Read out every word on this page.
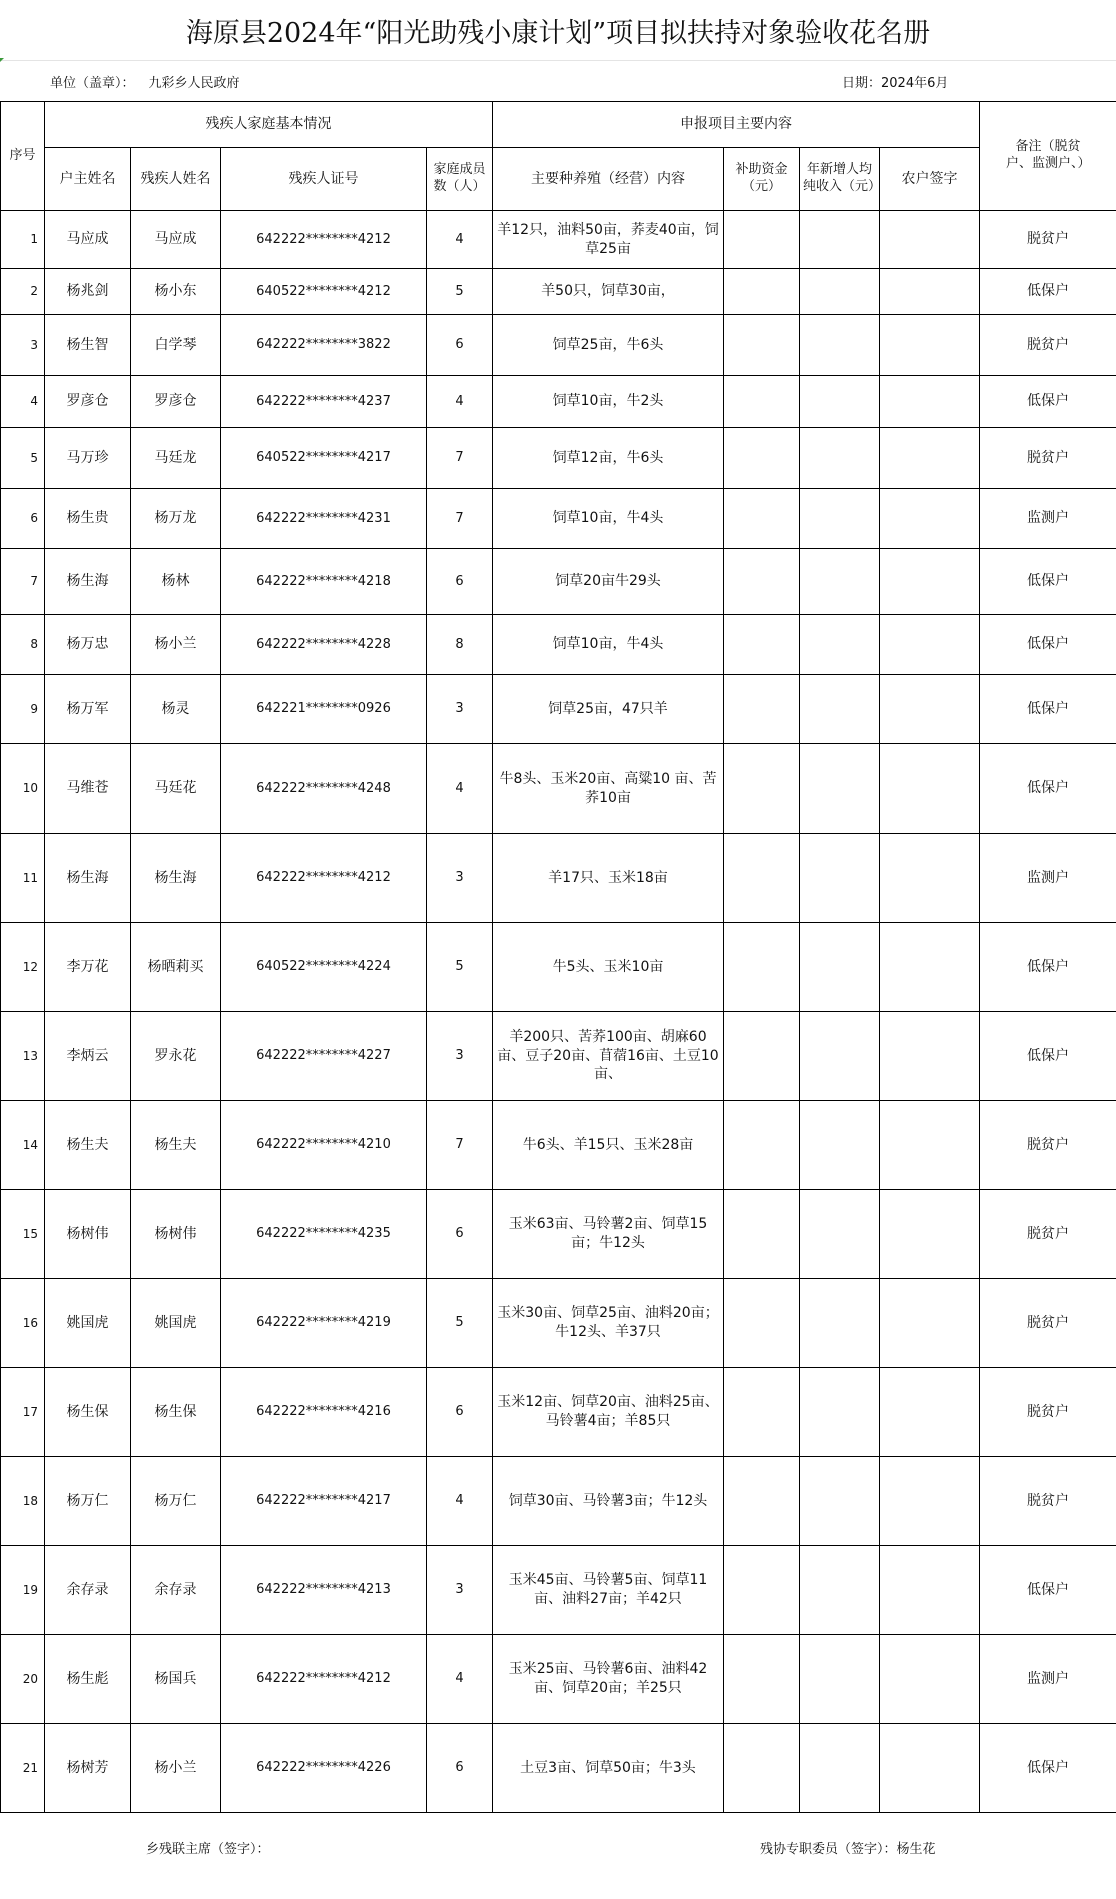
海原县2024年“阳光助残小康计划”项目拟扶持对象验收花名册
单位（盖章）： 九彩乡人民政府	日期： 2024年6月
序号	残疾人家庭基本情况				申报项目主要内容				备注（脱贫户、监测户、）
	户主姓名	残疾人姓名	残疾人证号	家庭成员数（人）	主要种养殖（经营）内容	补助资金（元）	年新增人均纯收入（元）	农户签字	
1	马应成	马应成	642222********4212	4	羊12只，油料50亩，荞麦40亩，饲草25亩				脱贫户
2	杨兆剑	杨小东	640522********4212	5	羊50只，饲草30亩，				低保户
3	杨生智	白学琴	642222********3822	6	饲草25亩，牛6头				脱贫户
4	罗彦仓	罗彦仓	642222********4237	4	饲草10亩，牛2头				低保户
5	马万珍	马廷龙	640522********4217	7	饲草12亩，牛6头				脱贫户
6	杨生贵	杨万龙	642222********4231	7	饲草10亩，牛4头				监测户
7	杨生海	杨林	642222********4218	6	饲草20亩牛29头				低保户
8	杨万忠	杨小兰	642222********4228	8	饲草10亩，牛4头				低保户
9	杨万军	杨灵	642221********0926	3	饲草25亩，47只羊				低保户
10	马维苍	马廷花	642222********4248	4	牛8头、玉米20亩、高粱10 亩、苦荞10亩				低保户
11	杨生海	杨生海	642222********4212	3	羊17只、玉米18亩				监测户
12	李万花	杨晒莉买	640522********4224	5	牛5头、玉米10亩				低保户
13	李炳云	罗永花	642222********4227	3	羊200只、苦荞100亩、胡麻60亩、豆子20亩、苜蓿16亩、土豆10亩、				低保户
14	杨生夫	杨生夫	642222********4210	7	牛6头、羊15只、玉米28亩				脱贫户
15	杨树伟	杨树伟	642222********4235	6	玉米63亩、马铃薯2亩、饲草15亩；牛12头				脱贫户
16	姚国虎	姚国虎	642222********4219	5	玉米30亩、饲草25亩、油料20亩；牛12头、羊37只				脱贫户
17	杨生保	杨生保	642222********4216	6	玉米12亩、饲草20亩、油料25亩、马铃薯4亩；羊85只				脱贫户
18	杨万仁	杨万仁	642222********4217	4	饲草30亩、马铃薯3亩；牛12头				脱贫户
19	余存录	余存录	642222********4213	3	玉米45亩、马铃薯5亩、饲草11亩、油料27亩；羊42只				低保户
20	杨生彪	杨国兵	642222********4212	4	玉米25亩、马铃薯6亩、油料42亩、饲草20亩；羊25只				监测户
21	杨树芳	杨小兰	642222********4226	6	土豆3亩、饲草50亩；牛3头				低保户
乡残联主席（签字）：	残协专职委员（签字）：杨生花
